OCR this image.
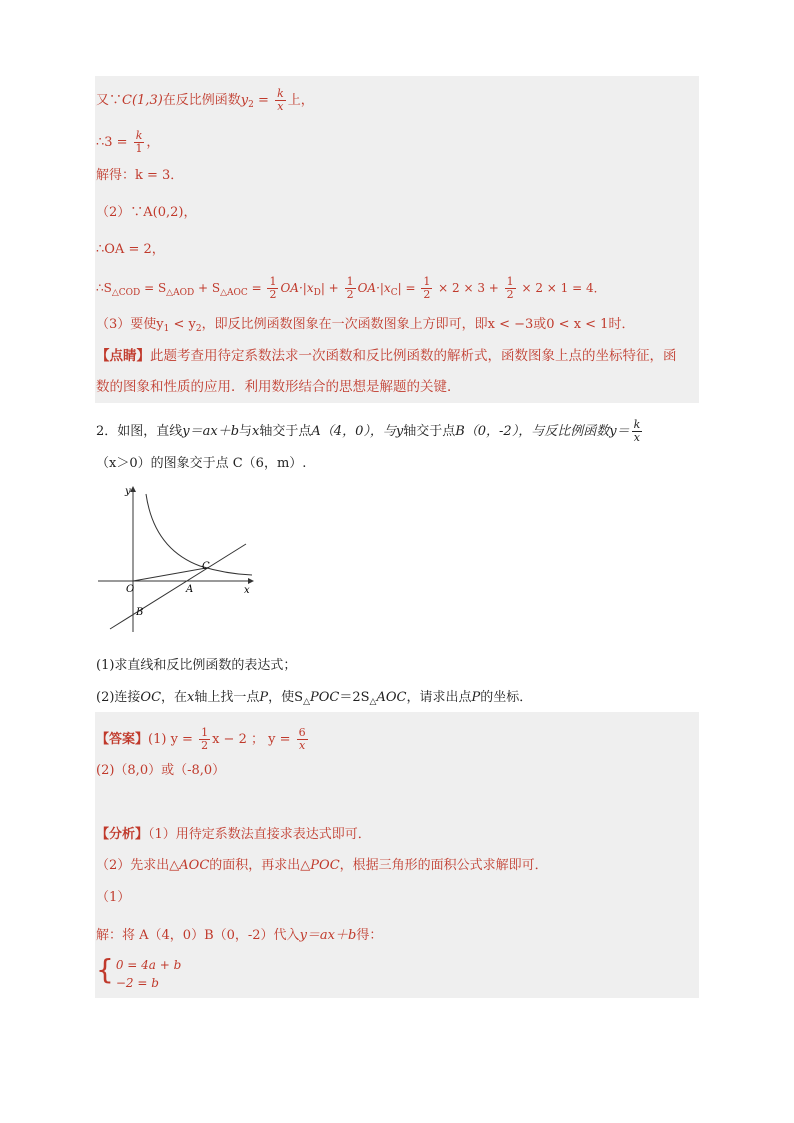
又∵C(1,3)在反比例函数$y_2 = \frac{k}{x}$ 上，
∴3 = $\frac{k}{1}$ ，
解得：k = 3．
（2）∵A(0,2)，
∴OA = 2，
$\therefore S_{\triangle COD} = S_{\triangle AOD} + S_{\triangle AOC} = \frac{1}{2} OA\cdot|x_D| + \frac{1}{2} OA\cdot|x_C| = \frac{1}{2} \times 2 \times 3 + \frac{1}{2} \times 2 \times 1 = 4$．
（3）要使$y_1 < y_2$，即反比例函数图象在一次函数图象上方即可，即x < −3或0 < x < 1时．
【点睛】此题考查用待定系数法求一次函数和反比例函数的解析式，函数图象上点的坐标特征，函
数的图象和性质的应用．利用数形结合的思想是解题的关键．
2．如图，直线y＝ax＋b与x轴交于点A（4，0），与y轴交于点B（0，-2），与反比例函数$y= \frac{k}{x}$
（x＞0）的图象交于点 C（6，m）.
y
x
O	A
B
C
(1)求直线和反比例函数的表达式；
(2)连接OC，在x轴上找一点P，使$S_\triangle POC=2S_\triangle AOC$，请求出点P的坐标．
【答案】(1) $y = \frac{1}{2}$ x − 2 ； $y = \frac{6}{x}$
(2)（8,0）或（-8,0）
【分析】（1）用待定系数法直接求表达式即可．
（2）先求出△AOC的面积，再求出△POC，根据三角形的面积公式求解即可．
（1）
解：将 A（4，0）B（0，-2）代入y＝ax＋b得：
{ 0 = 4a + b
−2 = b
